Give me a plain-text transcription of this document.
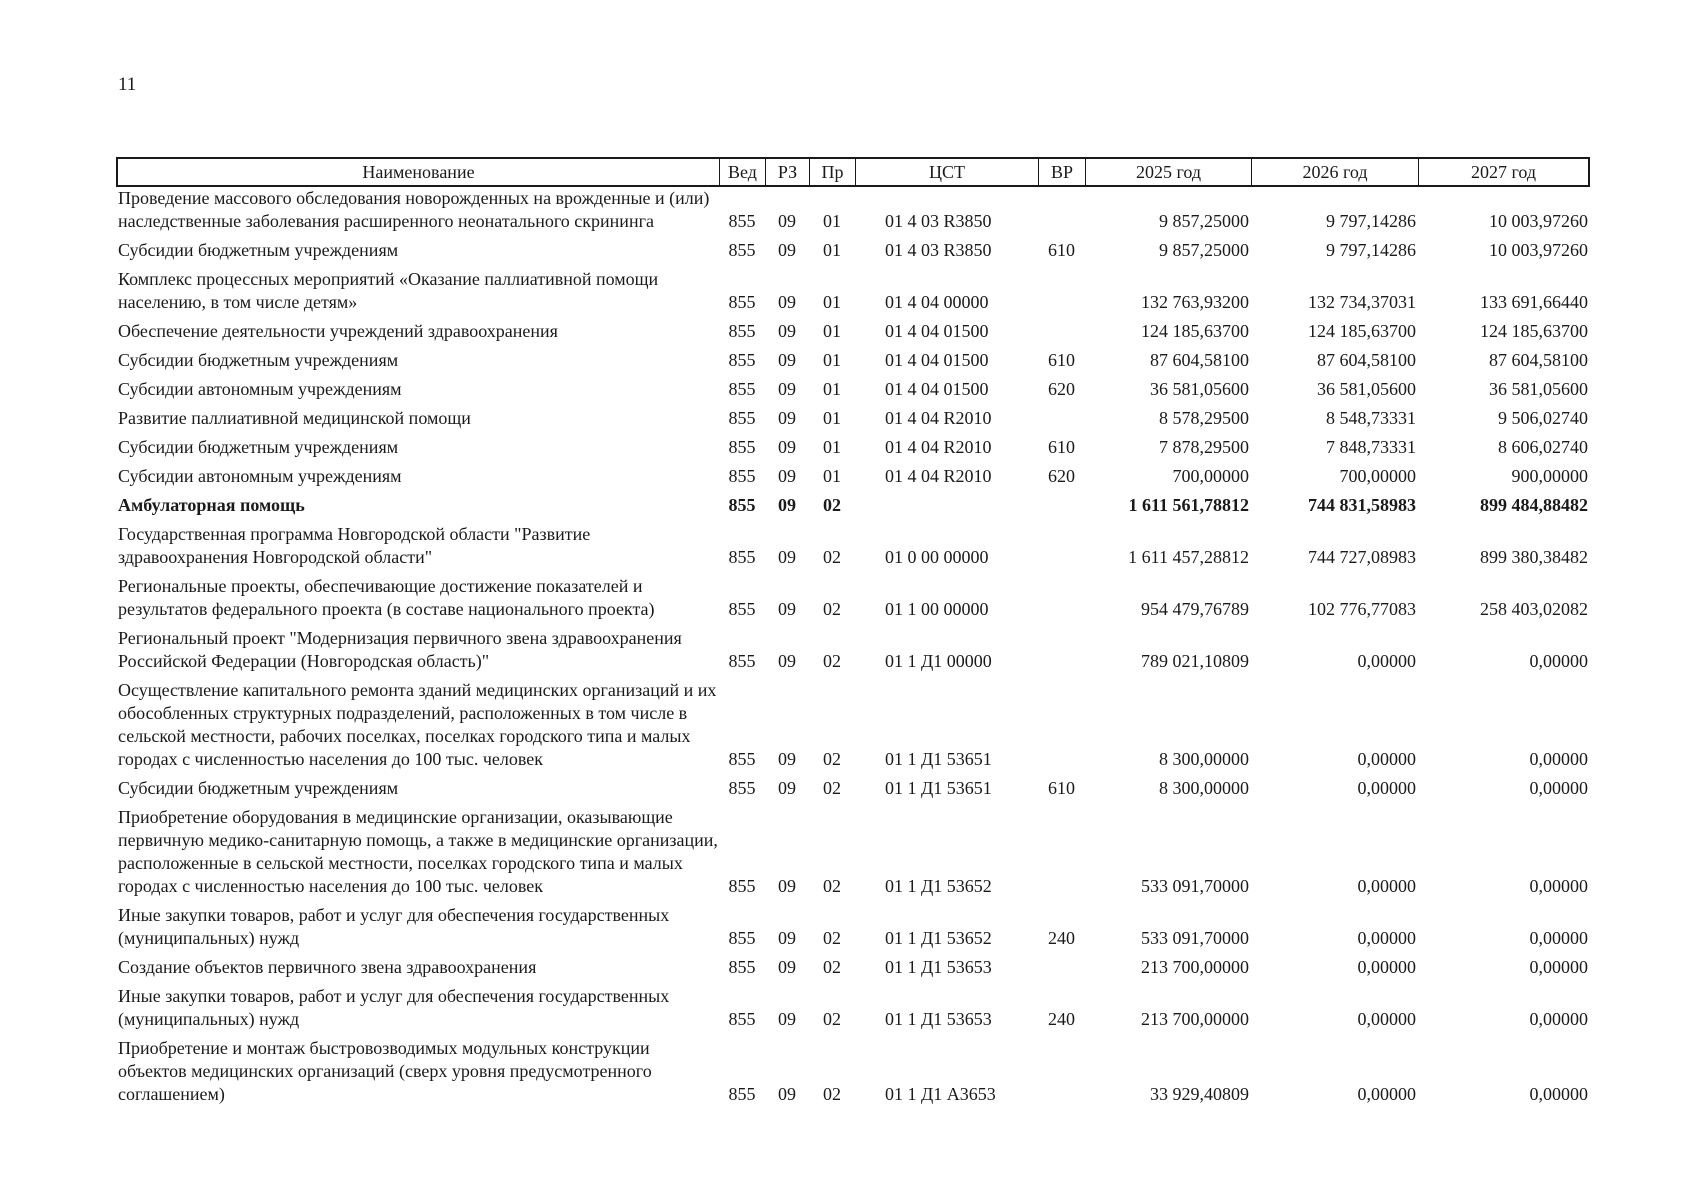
11
Наименование	Вед	РЗ	Пр	ЦСТ	ВР	2025 год	2026 год	2027 год
Проведение массового обследования новорожденных на врожденные и (или) наследственные заболевания расширенного неонатального скрининга	855	09	01	01 4 03 R3850		9 857,25000	9 797,14286	10 003,97260
Субсидии бюджетным учреждениям	855	09	01	01 4 03 R3850	610	9 857,25000	9 797,14286	10 003,97260
Комплекс процессных мероприятий «Оказание паллиативной помощи населению, в том числе детям»	855	09	01	01 4 04 00000		132 763,93200	132 734,37031	133 691,66440
Обеспечение деятельности учреждений здравоохранения	855	09	01	01 4 04 01500		124 185,63700	124 185,63700	124 185,63700
Субсидии бюджетным учреждениям	855	09	01	01 4 04 01500	610	87 604,58100	87 604,58100	87 604,58100
Субсидии автономным учреждениям	855	09	01	01 4 04 01500	620	36 581,05600	36 581,05600	36 581,05600
Развитие паллиативной медицинской помощи	855	09	01	01 4 04 R2010		8 578,29500	8 548,73331	9 506,02740
Субсидии бюджетным учреждениям	855	09	01	01 4 04 R2010	610	7 878,29500	7 848,73331	8 606,02740
Субсидии автономным учреждениям	855	09	01	01 4 04 R2010	620	700,00000	700,00000	900,00000
Амбулаторная помощь	855	09	02			1 611 561,78812	744 831,58983	899 484,88482
Государственная программа Новгородской области "Развитие здравоохранения Новгородской области"	855	09	02	01 0 00 00000		1 611 457,28812	744 727,08983	899 380,38482
Региональные проекты, обеспечивающие достижение показателей и результатов федерального проекта (в составе национального проекта)	855	09	02	01 1 00 00000		954 479,76789	102 776,77083	258 403,02082
Региональный проект "Модернизация первичного звена здравоохранения Российской Федерации (Новгородская область)"	855	09	02	01 1 Д1 00000		789 021,10809	0,00000	0,00000
Осуществление капитального ремонта зданий медицинских организаций и их обособленных структурных подразделений, расположенных в том числе в сельской местности, рабочих поселках, поселках городского типа и малых городах с численностью населения до 100 тыс. человек	855	09	02	01 1 Д1 53651		8 300,00000	0,00000	0,00000
Субсидии бюджетным учреждениям	855	09	02	01 1 Д1 53651	610	8 300,00000	0,00000	0,00000
Приобретение оборудования в медицинские организации, оказывающие первичную медико-санитарную помощь, а также в медицинские организации, расположенные в сельской местности, поселках городского типа и малых городах с численностью населения до 100 тыс. человек	855	09	02	01 1 Д1 53652		533 091,70000	0,00000	0,00000
Иные закупки товаров, работ и услуг для обеспечения государственных (муниципальных) нужд	855	09	02	01 1 Д1 53652	240	533 091,70000	0,00000	0,00000
Создание объектов первичного звена здравоохранения	855	09	02	01 1 Д1 53653		213 700,00000	0,00000	0,00000
Иные закупки товаров, работ и услуг для обеспечения государственных (муниципальных) нужд	855	09	02	01 1 Д1 53653	240	213 700,00000	0,00000	0,00000
Приобретение и монтаж быстровозводимых модульных конструкции объектов медицинских организаций (сверх уровня предусмотренного соглашением)	855	09	02	01 1 Д1 A3653		33 929,40809	0,00000	0,00000
